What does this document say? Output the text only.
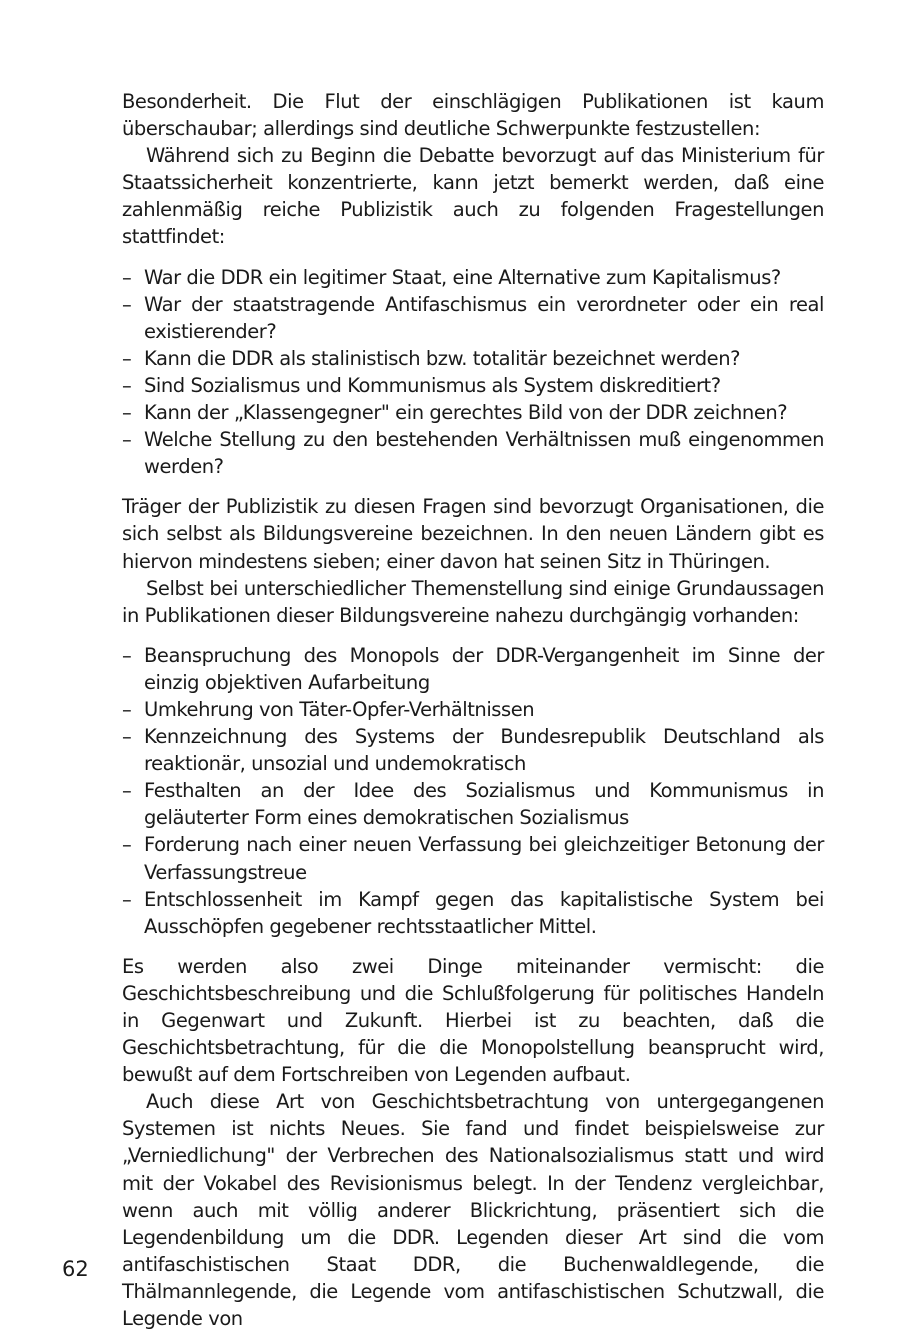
Besonderheit. Die Flut der einschlägigen Publikationen ist kaum überschaubar; allerdings sind deutliche Schwerpunkte festzustellen:

Während sich zu Beginn die Debatte bevorzugt auf das Ministerium für Staatssicherheit konzentrierte, kann jetzt bemerkt werden, daß eine zahlenmäßig reiche Publizistik auch zu folgenden Fragestellungen stattfindet:

– War die DDR ein legitimer Staat, eine Alternative zum Kapitalismus?
– War der staatstragende Antifaschismus ein verordneter oder ein real existierender?
– Kann die DDR als stalinistisch bzw. totalitär bezeichnet werden?
– Sind Sozialismus und Kommunismus als System diskreditiert?
– Kann der „Klassengegner" ein gerechtes Bild von der DDR zeichnen?
– Welche Stellung zu den bestehenden Verhältnissen muß eingenommen werden?

Träger der Publizistik zu diesen Fragen sind bevorzugt Organisationen, die sich selbst als Bildungsvereine bezeichnen. In den neuen Ländern gibt es hiervon mindestens sieben; einer davon hat seinen Sitz in Thüringen.

Selbst bei unterschiedlicher Themenstellung sind einige Grundaussagen in Publikationen dieser Bildungsvereine nahezu durchgängig vorhanden:

– Beanspruchung des Monopols der DDR-Vergangenheit im Sinne der einzig objektiven Aufarbeitung
– Umkehrung von Täter-Opfer-Verhältnissen
– Kennzeichnung des Systems der Bundesrepublik Deutschland als reaktionär, unsozial und undemokratisch
– Festhalten an der Idee des Sozialismus und Kommunismus in geläuterter Form eines demokratischen Sozialismus
– Forderung nach einer neuen Verfassung bei gleichzeitiger Betonung der Verfassungstreue
– Entschlossenheit im Kampf gegen das kapitalistische System bei Ausschöpfen gegebener rechtsstaatlicher Mittel.

Es werden also zwei Dinge miteinander vermischt: die Geschichtsbeschreibung und die Schlußfolgerung für politisches Handeln in Gegenwart und Zukunft. Hierbei ist zu beachten, daß die Geschichtsbetrachtung, für die die Monopolstellung beansprucht wird, bewußt auf dem Fortschreiben von Legenden aufbaut.

Auch diese Art von Geschichtsbetrachtung von untergegangenen Systemen ist nichts Neues. Sie fand und findet beispielsweise zur „Verniedlichung" der Verbrechen des Nationalsozialismus statt und wird mit der Vokabel des Revisionismus belegt. In der Tendenz vergleichbar, wenn auch mit völlig anderer Blickrichtung, präsentiert sich die Legendenbildung um die DDR. Legenden dieser Art sind die vom antifaschistischen Staat DDR, die Buchenwaldlegende, die Thälmannlegende, die Legende vom antifaschistischen Schutzwall, die Legende von

62
